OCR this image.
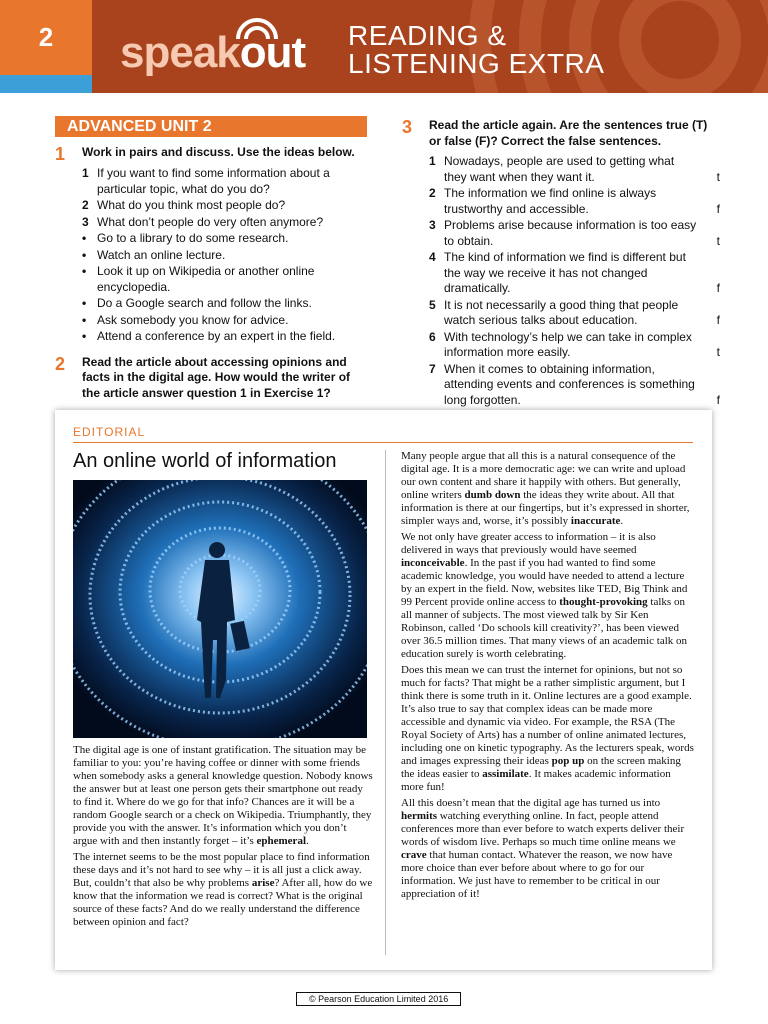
2	speakout READING &
LISTENING EXTRA
ADVANCED UNIT 2
1	Work in pairs and discuss. Use the ideas below.
1 If you want to find some information about a particular topic, what do you do?
2 What do you think most people do?
3 What don’t people do very often anymore?
• Go to a library to do some research.
• Watch an online lecture.
• Look it up on Wikipedia or another online encyclopedia.
• Do a Google search and follow the links.
• Ask somebody you know for advice.
• Attend a conference by an expert in the field.
2	Read the article about accessing opinions and facts in the digital age. How would the writer of the article answer question 1 in Exercise 1?
3	Read the article again. Are the sentences true (T) or false (F)? Correct the false sentences.
1 Nowadays, people are used to getting what they want when they want it.	t
2 The information we find online is always trustworthy and accessible.	f
3 Problems arise because information is too easy to obtain.	t
4 The kind of information we find is different but the way we receive it has not changed dramatically.	f
5 It is not necessarily a good thing that people watch serious talks about education.	f
6 With technology’s help we can take in complex information more easily.	t
7 When it comes to obtaining information, attending events and conferences is something long forgotten.	f
EDITORIAL
An online world of information

The digital age is one of instant gratification. The situation may be familiar to you: you’re having coffee or dinner with some friends when somebody asks a general knowledge question. Nobody knows the answer but at least one person gets their smartphone out ready to find it. Where do we go for that info? Chances are it will be a random Google search or a check on Wikipedia. Triumphantly, they provide you with the answer. It’s information which you don’t argue with and then instantly forget – it’s ephemeral.

The internet seems to be the most popular place to find information these days and it’s not hard to see why – it is all just a click away. But, couldn’t that also be why problems arise? After all, how do we know that the information we read is correct? What is the original source of these facts? And do we really understand the difference between opinion and fact?

Many people argue that all this is a natural consequence of the digital age. It is a more democratic age: we can write and upload our own content and share it happily with others. But generally, online writers dumb down the ideas they write about. All that information is there at our fingertips, but it’s expressed in shorter, simpler ways and, worse, it’s possibly inaccurate.

We not only have greater access to information – it is also delivered in ways that previously would have seemed inconceivable. In the past if you had wanted to find some academic knowledge, you would have needed to attend a lecture by an expert in the field. Now, websites like TED, Big Think and 99 Percent provide online access to thought-provoking talks on all manner of subjects. The most viewed talk by Sir Ken Robinson, called ‘Do schools kill creativity?’, has been viewed over 36.5 million times. That many views of an academic talk on education surely is worth celebrating.

Does this mean we can trust the internet for opinions, but not so much for facts? That might be a rather simplistic argument, but I think there is some truth in it. Online lectures are a good example. It’s also true to say that complex ideas can be made more accessible and dynamic via video. For example, the RSA (The Royal Society of Arts) has a number of online animated lectures, including one on kinetic typography. As the lecturers speak, words and images expressing their ideas pop up on the screen making the ideas easier to assimilate. It makes academic information more fun!

All this doesn’t mean that the digital age has turned us into hermits watching everything online. In fact, people attend conferences more than ever before to watch experts deliver their words of wisdom live. Perhaps so much time online means we crave that human contact. Whatever the reason, we now have more choice than ever before about where to go for our information. We just have to remember to be critical in our appreciation of it!

© Pearson Education Limited 2016
